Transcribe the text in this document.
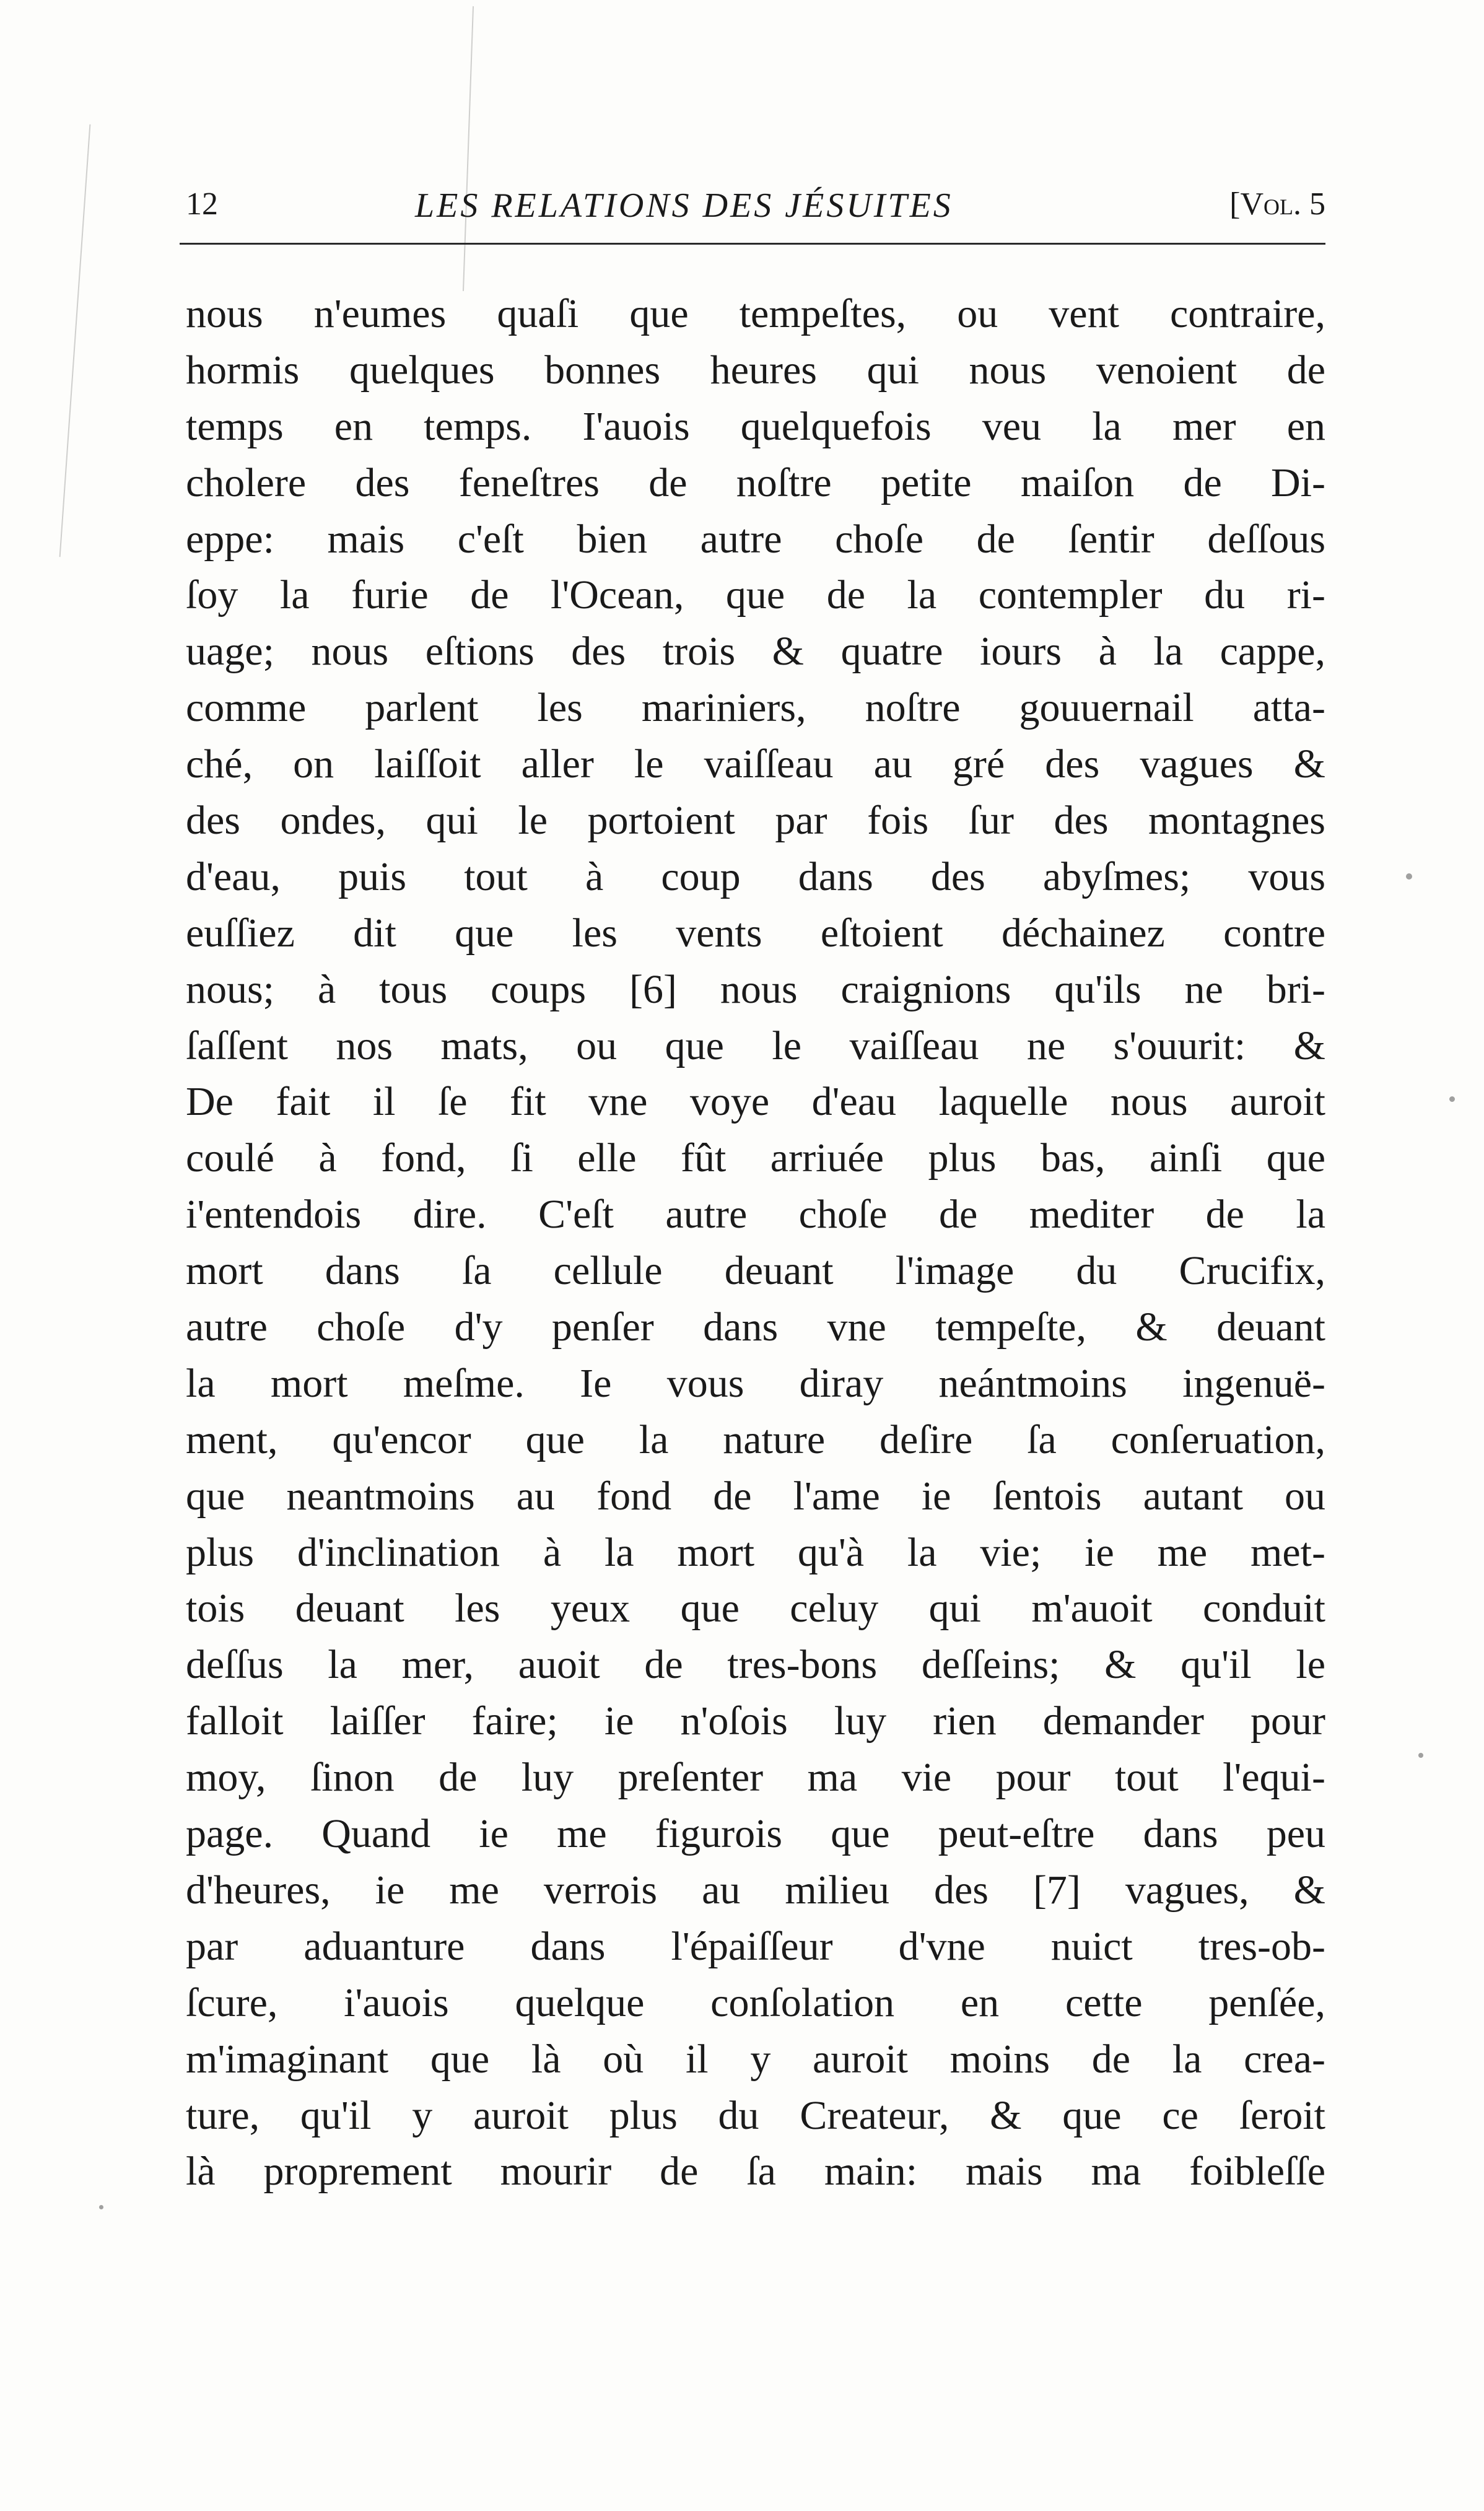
12	LES RELATIONS DES JÉSUITES	[Vol. 5
nous n'eumes quaſi que tempeſtes, ou vent contraire,
hormis quelques bonnes heures qui nous venoient de
temps en temps. I'auois quelquefois veu la mer en
cholere des feneſtres de noſtre petite maiſon de Di-
eppe: mais c'eſt bien autre choſe de ſentir deſſous
ſoy la furie de l'Ocean, que de la contempler du ri-
uage; nous eſtions des trois & quatre iours à la cappe,
comme parlent les mariniers, noſtre gouuernail atta-
ché, on laiſſoit aller le vaiſſeau au gré des vagues &
des ondes, qui le portoient par fois ſur des montagnes
d'eau, puis tout à coup dans des abyſmes; vous
euſſiez dit que les vents eſtoient déchainez contre
nous; à tous coups [6] nous craignions qu'ils ne bri-
ſaſſent nos mats, ou que le vaiſſeau ne s'ouurit: &
De fait il ſe fit vne voye d'eau laquelle nous auroit
coulé à fond, ſi elle fût arriuée plus bas, ainſi que
i'entendois dire. C'eſt autre choſe de mediter de la
mort dans ſa cellule deuant l'image du Crucifix,
autre choſe d'y penſer dans vne tempeſte, & deuant
la mort meſme. Ie vous diray neántmoins ingenuë-
ment, qu'encor que la nature deſire ſa conſeruation,
que neantmoins au fond de l'ame ie ſentois autant ou
plus d'inclination à la mort qu'à la vie; ie me met-
tois deuant les yeux que celuy qui m'auoit conduit
deſſus la mer, auoit de tres-bons deſſeins; & qu'il le
falloit laiſſer faire; ie n'oſois luy rien demander pour
moy, ſinon de luy preſenter ma vie pour tout l'equi-
page. Quand ie me figurois que peut-eſtre dans peu
d'heures, ie me verrois au milieu des [7] vagues, &
par aduanture dans l'épaiſſeur d'vne nuict tres-ob-
ſcure, i'auois quelque conſolation en cette penſée,
m'imaginant que là où il y auroit moins de la crea-
ture, qu'il y auroit plus du Createur, & que ce ſeroit
là proprement mourir de ſa main: mais ma foibleſſe
